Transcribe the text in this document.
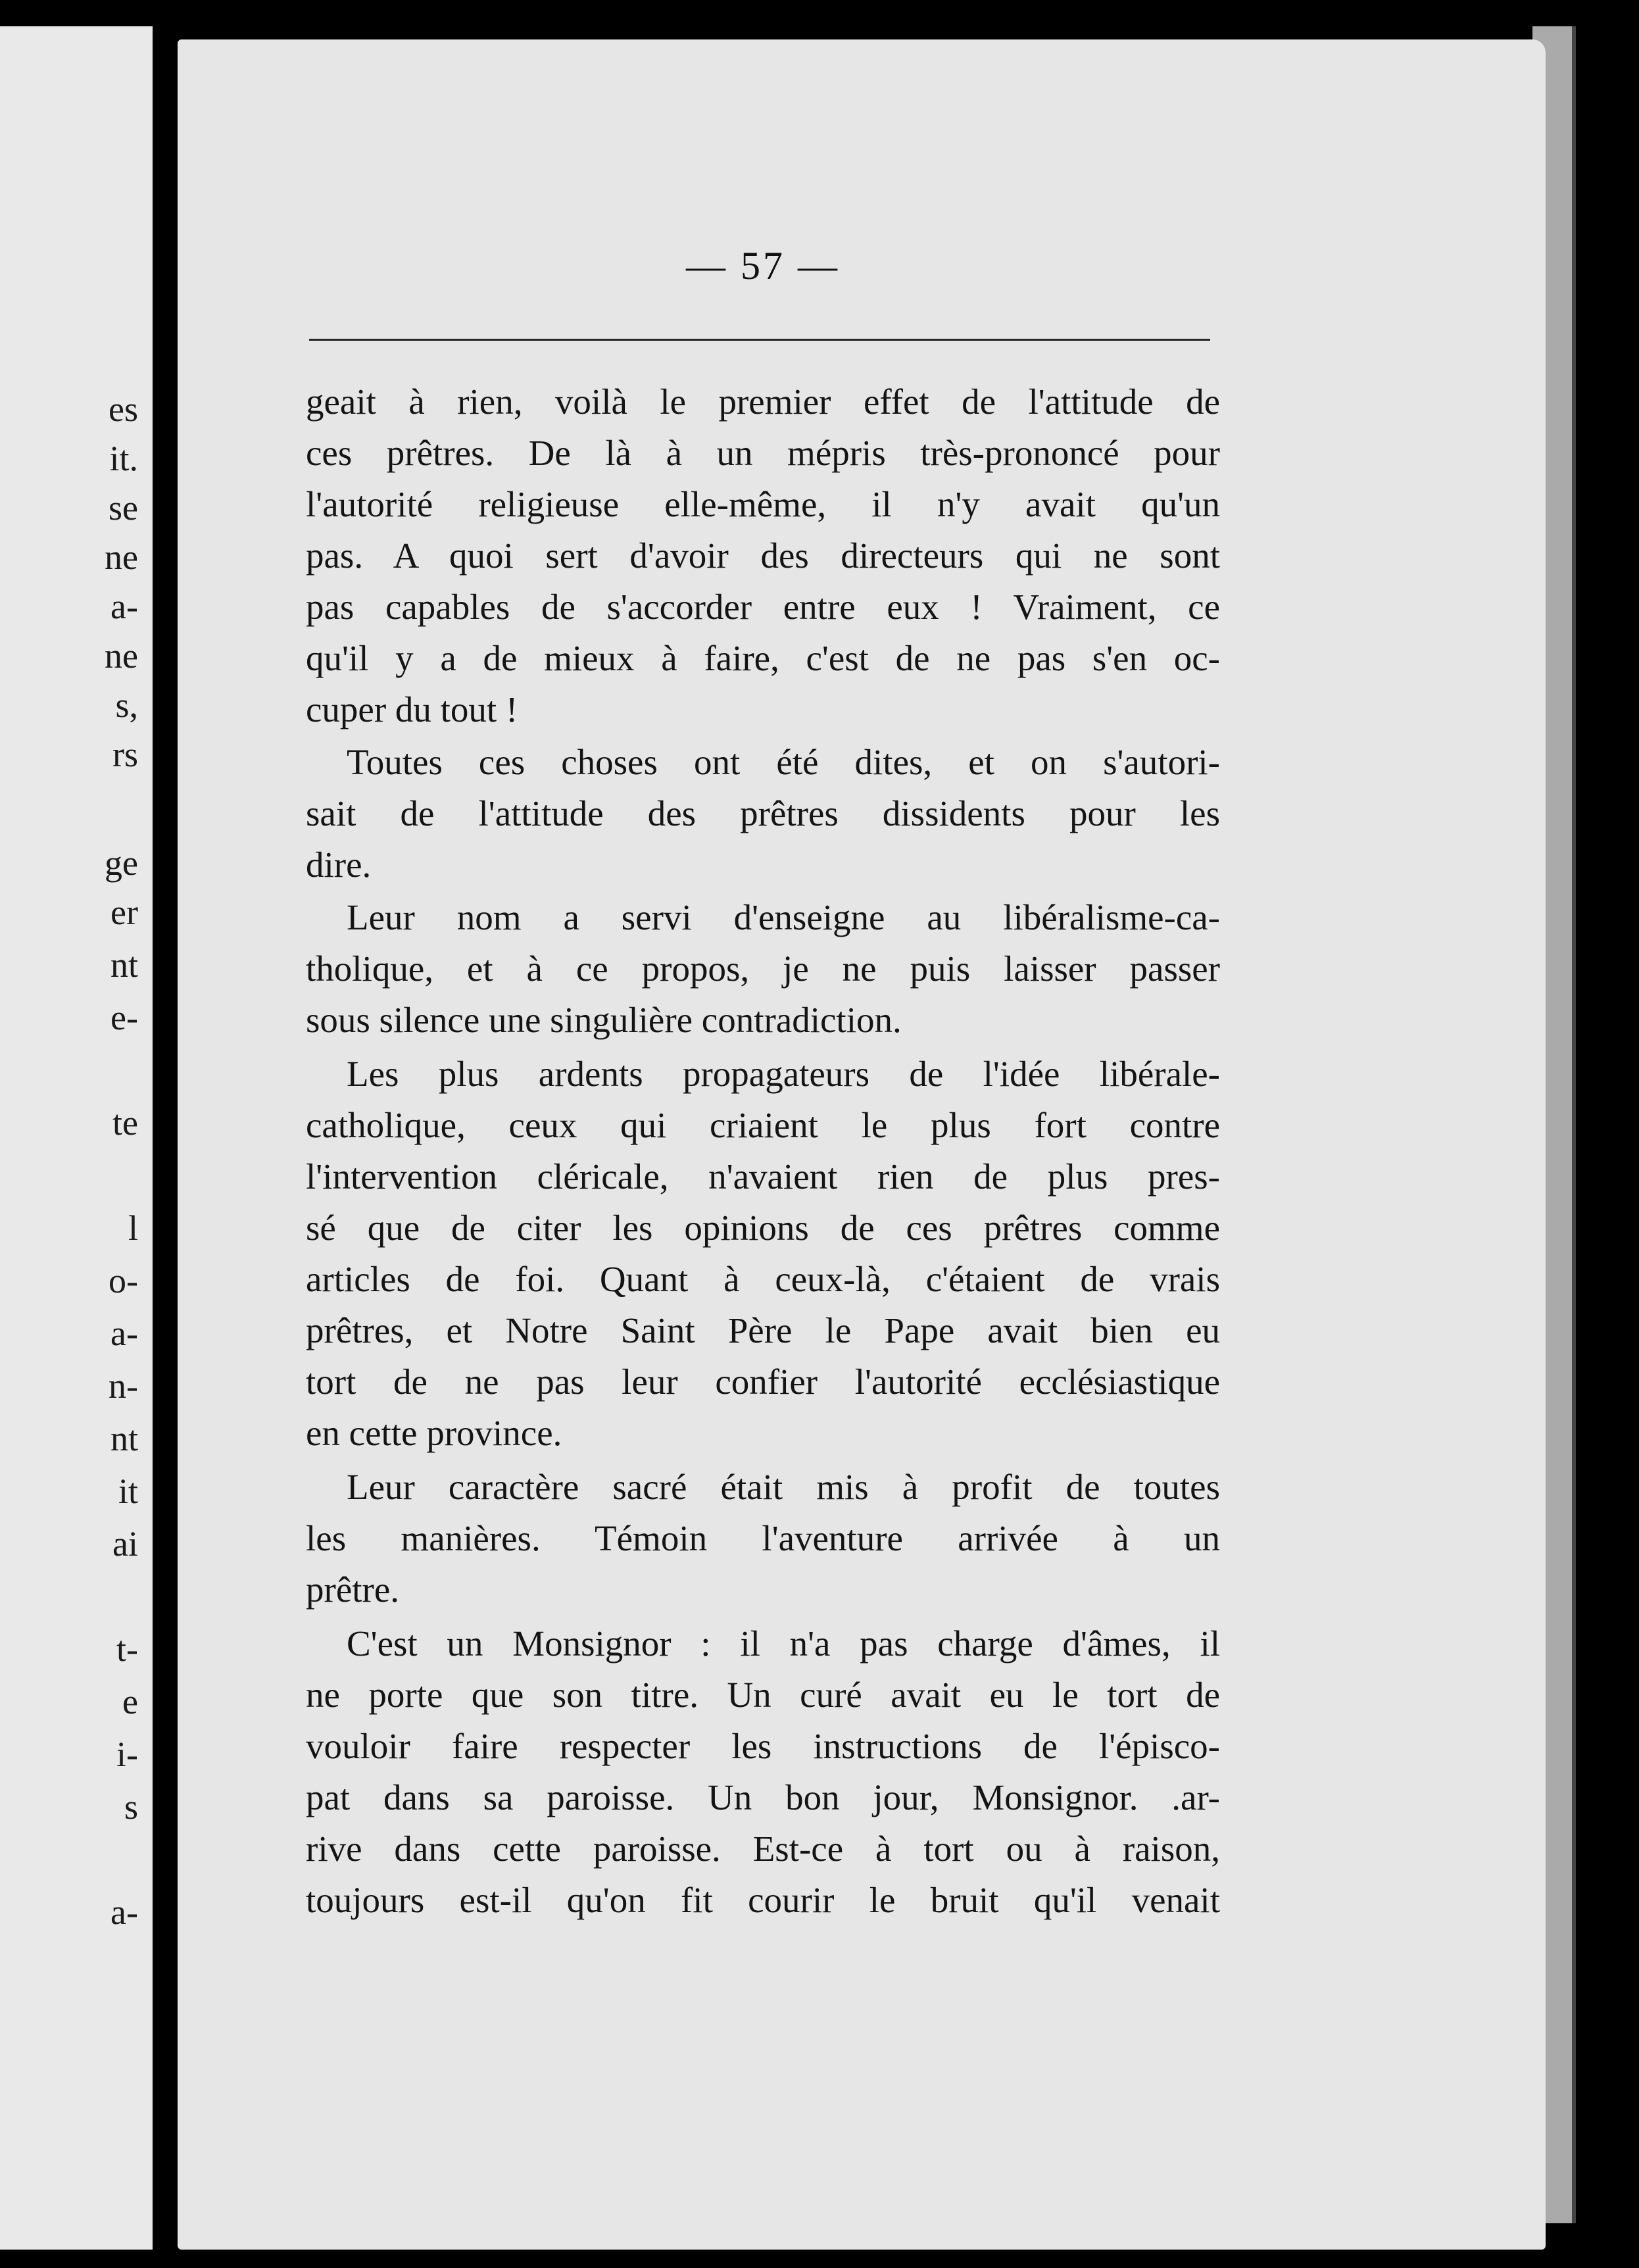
es
it.
se
ne
a-
ne
s,
rs
ge
er
nt
e-
te
l
o-
a-
n-
nt
it
ai
t-
e
i-
s
a-
— 57 —
geait à rien, voilà le premier effet de l'attitude de
ces prêtres. De là à un mépris très-prononcé pour
l'autorité religieuse elle-même, il n'y avait qu'un
pas. A quoi sert d'avoir des directeurs qui ne sont
pas capables de s'accorder entre eux ! Vraiment, ce
qu'il y a de mieux à faire, c'est de ne pas s'en oc-
cuper du tout !
Toutes ces choses ont été dites, et on s'autori-
sait de l'attitude des prêtres dissidents pour les
dire.
Leur nom a servi d'enseigne au libéralisme-ca-
tholique, et à ce propos, je ne puis laisser passer
sous silence une singulière contradiction.
Les plus ardents propagateurs de l'idée libérale-
catholique, ceux qui criaient le plus fort contre
l'intervention cléricale, n'avaient rien de plus pres-
sé que de citer les opinions de ces prêtres comme
articles de foi. Quant à ceux-là, c'étaient de vrais
prêtres, et Notre Saint Père le Pape avait bien eu
tort de ne pas leur confier l'autorité ecclésiastique
en cette province.
Leur caractère sacré était mis à profit de toutes
les manières. Témoin l'aventure arrivée à un
prêtre.
C'est un Monsignor : il n'a pas charge d'âmes, il
ne porte que son titre. Un curé avait eu le tort de
vouloir faire respecter les instructions de l'épisco-
pat dans sa paroisse. Un bon jour, Monsignor. .ar-
rive dans cette paroisse. Est-ce à tort ou à raison,
toujours est-il qu'on fit courir le bruit qu'il venait
